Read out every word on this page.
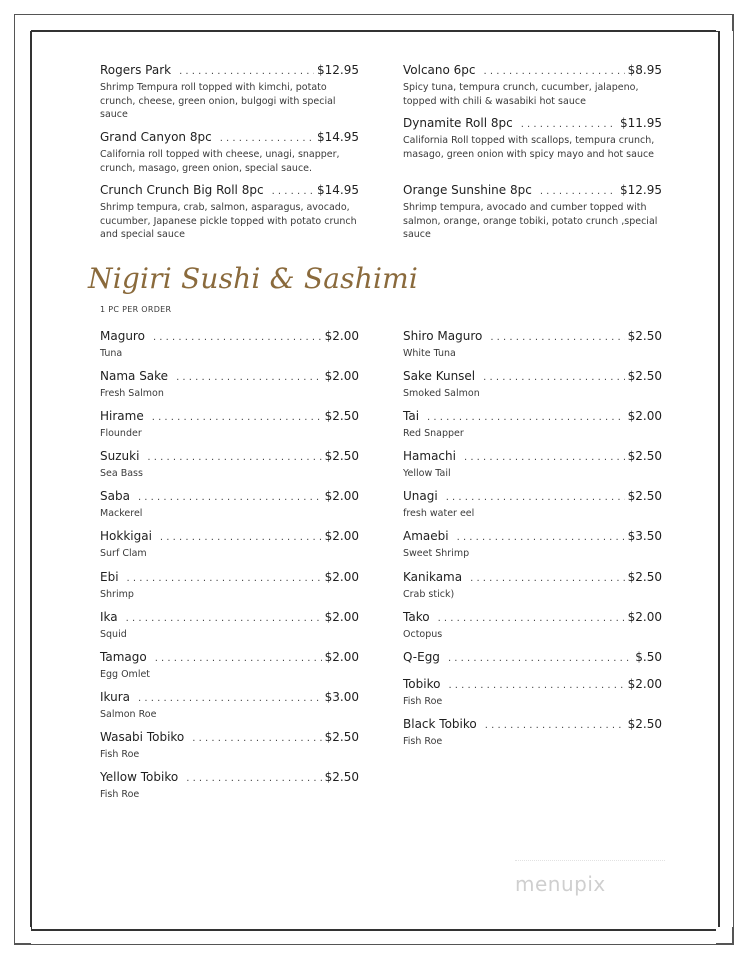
Rogers Park . . .	$12.95
Shrimp Tempura roll topped with kimchi, potato crunch, cheese, green onion, bulgogi with special sauce
Grand Canyon 8pc . . .	$14.95
California roll topped with cheese, unagi, snapper, crunch, masago, green onion, special sauce.
Crunch Crunch Big Roll 8pc . . .	$14.95
Shrimp tempura, crab, salmon, asparagus, avocado, cucumber, Japanese pickle topped with potato crunch and special sauce
Volcano 6pc . . .	$8.95
Spicy tuna, tempura crunch, cucumber, jalapeno, topped with chili & wasabiki hot sauce
Dynamite Roll 8pc . . .	$11.95
California Roll topped with scallops, tempura crunch, masago, green onion with spicy mayo and hot sauce
Orange Sunshine 8pc . . .	$12.95
Shrimp tempura, avocado and cumber topped with salmon, orange, orange tobiki, potato crunch ,special sauce
Nigiri Sushi & Sashimi
1 PC PER ORDER
Maguro . . .	$2.00
Tuna
Nama Sake . . .	$2.00
Fresh Salmon
Hirame . . .	$2.50
Flounder
Suzuki . . .	$2.50
Sea Bass
Saba . . .	$2.00
Mackerel
Hokkigai . . .	$2.00
Surf Clam
Ebi . . .	$2.00
Shrimp
Ika . . .	$2.00
Squid
Tamago . . .	$2.00
Egg Omlet
Ikura . . .	$3.00
Salmon Roe
Wasabi Tobiko . . .	$2.50
Fish Roe
Yellow Tobiko . . .	$2.50
Fish Roe
Shiro Maguro . . .	$2.50
White Tuna
Sake Kunsel . . .	$2.50
Smoked Salmon
Tai . . .	$2.00
Red Snapper
Hamachi . . .	$2.50
Yellow Tail
Unagi . . .	$2.50
fresh water eel
Amaebi . . .	$3.50
Sweet Shrimp
Kanikama . . .	$2.50
Crab stick)
Tako . . .	$2.00
Octopus
Q-Egg . . .	$.50
Tobiko . . .	$2.00
Fish Roe
Black Tobiko . . .	$2.50
Fish Roe
menupix
